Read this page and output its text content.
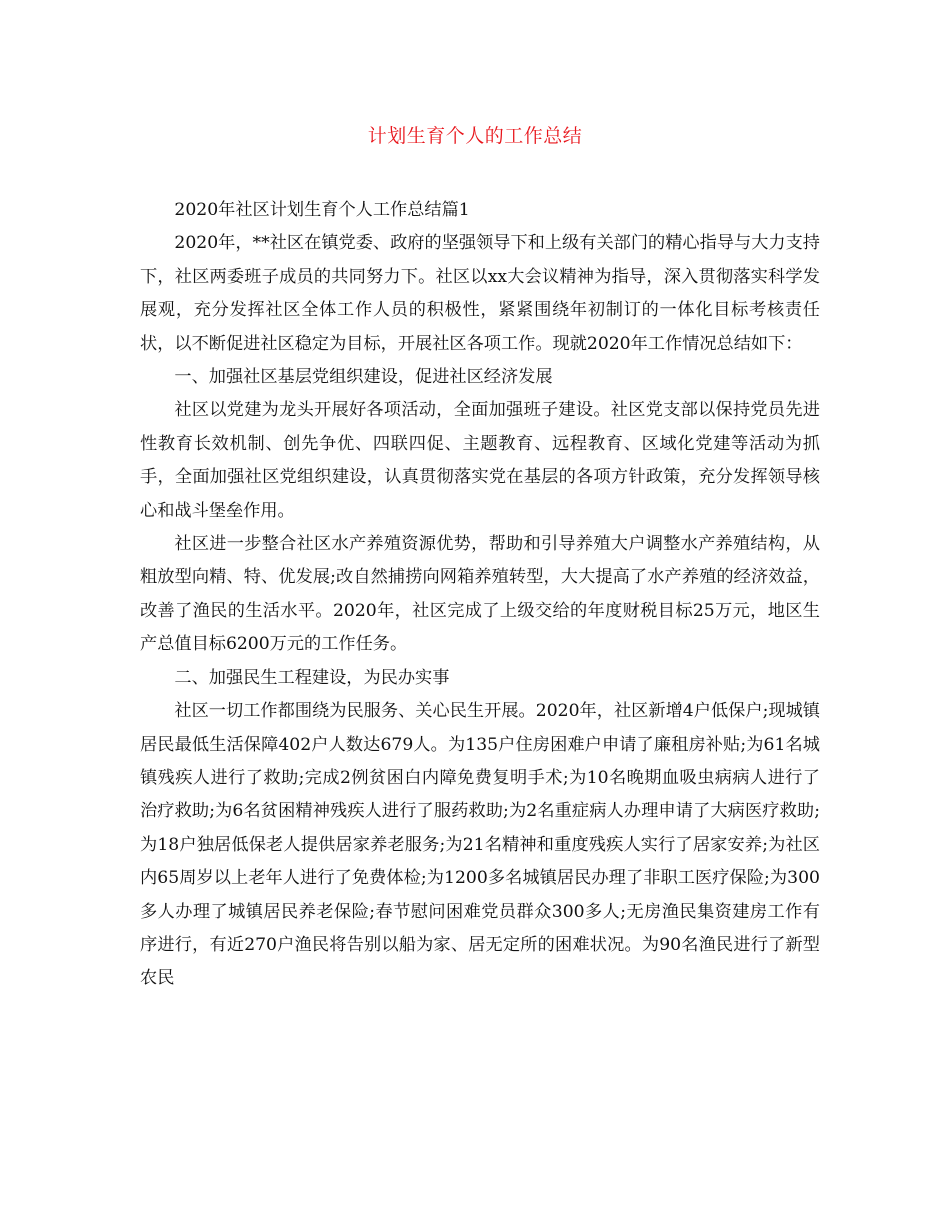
计划生育个人的工作总结

2020年社区计划生育个人工作总结篇1

2020年，**社区在镇党委、政府的坚强领导下和上级有关部门的精心指导与大力支持下，社区两委班子成员的共同努力下。社区以xx大会议精神为指导，深入贯彻落实科学发展观，充分发挥社区全体工作人员的积极性，紧紧围绕年初制订的一体化目标考核责任状，以不断促进社区稳定为目标，开展社区各项工作。现就2020年工作情况总结如下：

一、加强社区基层党组织建设，促进社区经济发展

社区以党建为龙头开展好各项活动，全面加强班子建设。社区党支部以保持党员先进性教育长效机制、创先争优、四联四促、主题教育、远程教育、区域化党建等活动为抓手，全面加强社区党组织建设，认真贯彻落实党在基层的各项方针政策，充分发挥领导核心和战斗堡垒作用。

社区进一步整合社区水产养殖资源优势，帮助和引导养殖大户调整水产养殖结构，从粗放型向精、特、优发展;改自然捕捞向网箱养殖转型，大大提高了水产养殖的经济效益，改善了渔民的生活水平。2020年，社区完成了上级交给的年度财税目标25万元，地区生产总值目标6200万元的工作任务。

二、加强民生工程建设，为民办实事

社区一切工作都围绕为民服务、关心民生开展。2020年，社区新增4户低保户;现城镇居民最低生活保障402户人数达679人。为135户住房困难户申请了廉租房补贴;为61名城镇残疾人进行了救助;完成2例贫困白内障免费复明手术;为10名晚期血吸虫病病人进行了治疗救助;为6名贫困精神残疾人进行了服药救助;为2名重症病人办理申请了大病医疗救助;为18户独居低保老人提供居家养老服务;为21名精神和重度残疾人实行了居家安养;为社区内65周岁以上老年人进行了免费体检;为1200多名城镇居民办理了非职工医疗保险;为300多人办理了城镇居民养老保险;春节慰问困难党员群众300多人;无房渔民集资建房工作有序进行，有近270户渔民将告别以船为家、居无定所的困难状况。为90名渔民进行了新型农民
